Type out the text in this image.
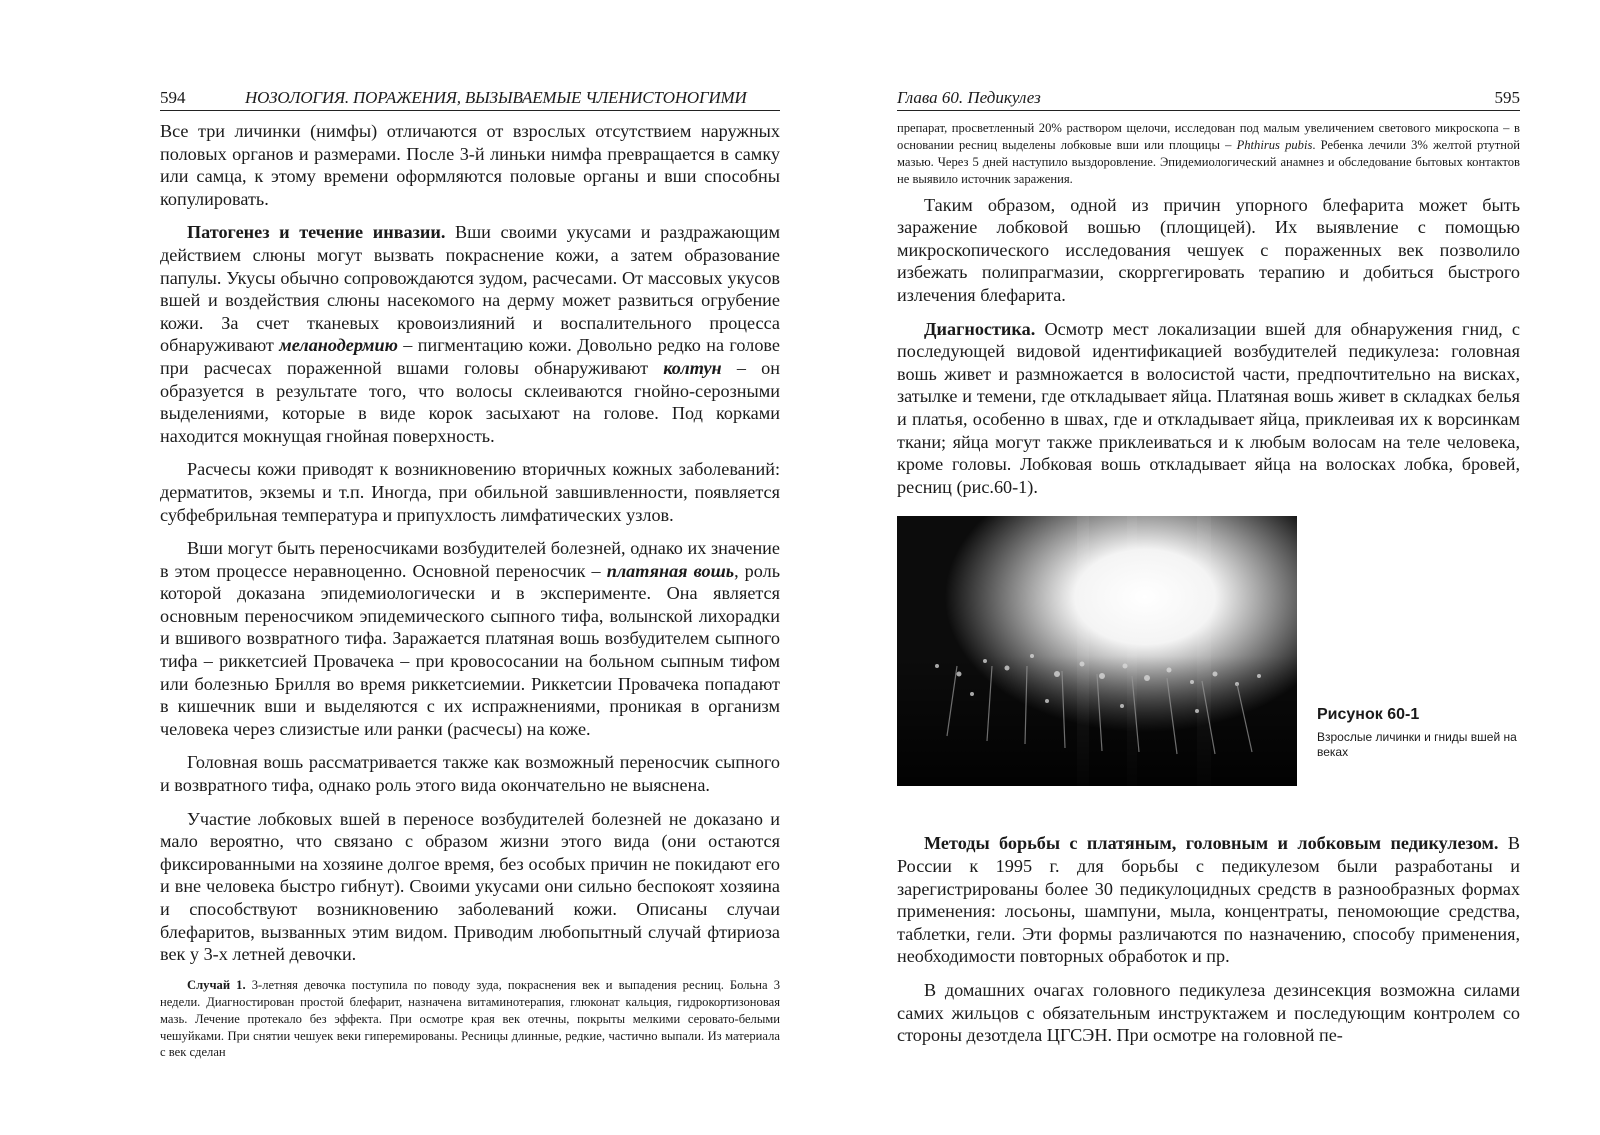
594	НОЗОЛОГИЯ. ПОРАЖЕНИЯ, ВЫЗЫВАЕМЫЕ ЧЛЕНИСТОНОГИМИ

Все три личинки (нимфы) отличаются от взрослых отсутствием наружных половых органов и размерами. После 3-й линьки нимфа превращается в самку или самца, к этому времени оформляются половые органы и вши способны копулировать.

Патогенез и течение инвазии. Вши своими укусами и раздражающим действием слюны могут вызвать покраснение кожи, а затем образование папулы. Укусы обычно сопровождаются зудом, расчесами. От массовых укусов вшей и воздействия слюны насекомого на дерму может развиться огрубение кожи. За счет тканевых кровоизлияний и воспалительного процесса обнаруживают меланодермию – пигментацию кожи. Довольно редко на голове при расчесах пораженной вшами головы обнаруживают колтун – он образуется в результате того, что волосы склеиваются гнойно-серозными выделениями, которые в виде корок засыхают на голове. Под корками находится мокнущая гнойная поверхность.

Расчесы кожи приводят к возникновению вторичных кожных заболеваний: дерматитов, экземы и т.п. Иногда, при обильной завшивленности, появляется субфебрильная температура и припухлость лимфатических узлов.

Вши могут быть переносчиками возбудителей болезней, однако их значение в этом процессе неравноценно. Основной переносчик – платяная вошь, роль которой доказана эпидемиологически и в эксперименте. Она является основным переносчиком эпидемического сыпного тифа, волынской лихорадки и вшивого возвратного тифа. Заражается платяная вошь возбудителем сыпного тифа – риккетсией Провачека – при кровососании на больном сыпным тифом или болезнью Брилля во время риккетсиемии. Риккетсии Провачека попадают в кишечник вши и выделяются с их испражнениями, проникая в организм человека через слизистые или ранки (расчесы) на коже.

Головная вошь рассматривается также как возможный переносчик сыпного и возвратного тифа, однако роль этого вида окончательно не выяснена.

Участие лобковых вшей в переносе возбудителей болезней не доказано и мало вероятно, что связано с образом жизни этого вида (они остаются фиксированными на хозяине долгое время, без особых причин не покидают его и вне человека быстро гибнут). Своими укусами они сильно беспокоят хозяина и способствуют возникновению заболеваний кожи. Описаны случаи блефаритов, вызванных этим видом. Приводим любопытный случай фтириоза век у 3-х летней девочки.

Случай 1. 3-летняя девочка поступила по поводу зуда, покраснения век и выпадения ресниц. Больна 3 недели. Диагностирован простой блефарит, назначена витаминотерапия, глюконат кальция, гидрокортизоновая мазь. Лечение протекало без эффекта. При осмотре края век отечны, покрыты мелкими серовато-белыми чешуйками. При снятии чешуек веки гиперемированы. Ресницы длинные, редкие, частично выпали. Из материала с век сделан

Глава 60. Педикулез	595

препарат, просветленный 20% раствором щелочи, исследован под малым увеличением светового микроскопа – в основании ресниц выделены лобковые вши или площицы – Phthirus pubis. Ребенка лечили 3% желтой ртутной мазью. Через 5 дней наступило выздоровление. Эпидемиологический анамнез и обследование бытовых контактов не выявило источник заражения.

Таким образом, одной из причин упорного блефарита может быть заражение лобковой вошью (площицей). Их выявление с помощью микроскопического исследования чешуек с пораженных век позволило избежать полипрагмазии, скорргегировать терапию и добиться быстрого излечения блефарита.

Диагностика. Осмотр мест локализации вшей для обнаружения гнид, с последующей видовой идентификацией возбудителей педикулеза: головная вошь живет и размножается в волосистой части, предпочтительно на висках, затылке и темени, где откладывает яйца. Платяная вошь живет в складках белья и платья, особенно в швах, где и откладывает яйца, приклеивая их к ворсинкам ткани; яйца могут также приклеиваться и к любым волосам на теле человека, кроме головы. Лобковая вошь откладывает яйца на волосках лобка, бровей, ресниц (рис.60-1).

Рисунок 60-1
Взрослые личинки и гниды вшей на веках

Методы борьбы с платяным, головным и лобковым педикулезом. В России к 1995 г. для борьбы с педикулезом были разработаны и зарегистрированы более 30 педикулоцидных средств в разнообразных формах применения: лосьоны, шампуни, мыла, концентраты, пеномоющие средства, таблетки, гели. Эти формы различаются по назначению, способу применения, необходимости повторных обработок и пр.

В домашних очагах головного педикулеза дезинсекция возможна силами самих жильцов с обязательным инструктажем и последующим контролем со стороны дезотдела ЦГСЭН. При осмотре на головной пе-
